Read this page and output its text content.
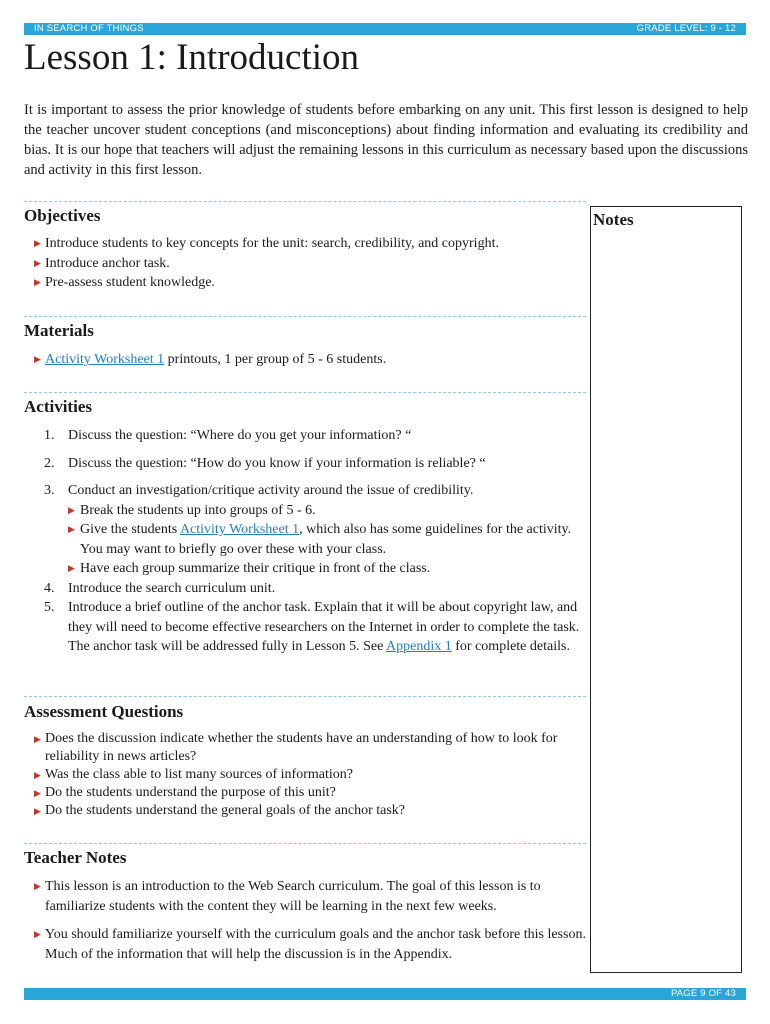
IN SEARCH OF THINGS	GRADE LEVEL: 9 - 12
Lesson 1: Introduction

It is important to assess the prior knowledge of students before embarking on any unit. This first lesson is designed to help the teacher uncover student conceptions (and misconceptions) about finding information and evaluating its credibility and bias. It is our hope that teachers will adjust the remaining lessons in this curriculum as necessary based upon the discussions and activity in this first lesson.

Objectives
▶ Introduce students to key concepts for the unit: search, credibility, and copyright.
▶ Introduce anchor task.
▶ Pre-assess student knowledge.
Materials
▶ Activity Worksheet 1 printouts, 1 per group of 5 - 6 students.
Activities
1. Discuss the question: “Where do you get your information? “
2. Discuss the question: “How do you know if your information is reliable? “
3. Conduct an investigation/critique activity around the issue of credibility.
▶ Break the students up into groups of 5 - 6.
▶ Give the students Activity Worksheet 1, which also has some guidelines for the activity. You may want to briefly go over these with your class.
▶ Have each group summarize their critique in front of the class.
4. Introduce the search curriculum unit.
5. Introduce a brief outline of the anchor task. Explain that it will be about copyright law, and they will need to become effective researchers on the Internet in order to complete the task. The anchor task will be addressed fully in Lesson 5. See Appendix 1 for complete details.
Assessment Questions
▶ Does the discussion indicate whether the students have an understanding of how to look for reliability in news articles?
▶ Was the class able to list many sources of information?
▶ Do the students understand the purpose of this unit?
▶ Do the students understand the general goals of the anchor task?
Teacher Notes
▶ This lesson is an introduction to the Web Search curriculum. The goal of this lesson is to familiarize students with the content they will be learning in the next few weeks.
▶ You should familiarize yourself with the curriculum goals and the anchor task before this lesson. Much of the information that will help the discussion is in the Appendix.
Notes
PAGE 9 OF 43
